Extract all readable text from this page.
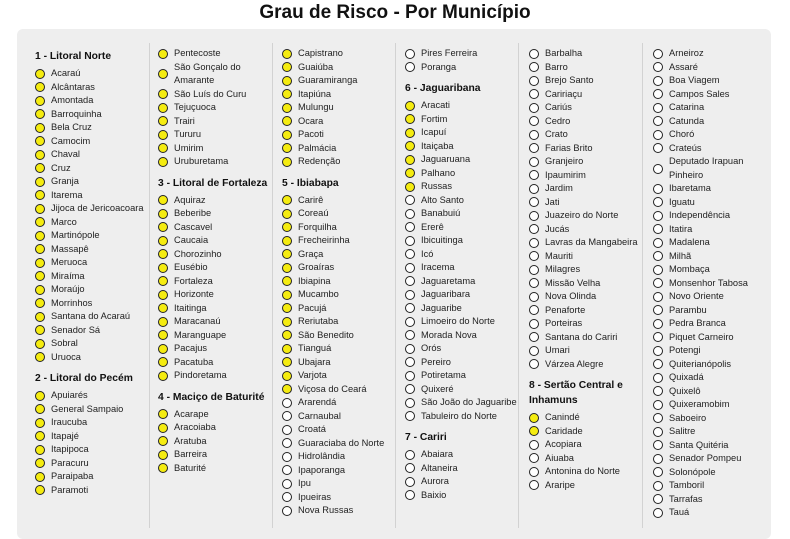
Grau de Risco - Por Município
1 - Litoral Norte
Acaraú
Alcântaras
Amontada
Barroquinha
Bela Cruz
Camocim
Chaval
Cruz
Granja
Itarema
Jijoca de Jericoacoara
Marco
Martinópole
Massapê
Meruoca
Miraíma
Moraújo
Morrinhos
Santana do Acaraú
Senador Sá
Sobral
Uruoca
2 - Litoral do Pecém
Apuiarés
General Sampaio
Iraucuba
Itapajé
Itapipoca
Paracuru
Paraipaba
Paramoti
Pentecoste
São Gonçalo do Amarante
São Luís do Curu
Tejuçuoca
Trairi
Tururu
Umirim
Uruburetama
3 - Litoral de Fortaleza
Aquiraz
Beberibe
Cascavel
Caucaia
Chorozinho
Eusébio
Fortaleza
Horizonte
Itaitinga
Maracanaú
Maranguape
Pacajus
Pacatuba
Pindoretama
4 - Maciço de Baturité
Acarape
Aracoiaba
Aratuba
Barreira
Baturité
Capistrano
Guaiúba
Guaramiranga
Itapiúna
Mulungu
Ocara
Pacoti
Palmácia
Redenção
5 - Ibiabapa
Carirê
Coreaú
Forquilha
Frecheirinha
Graça
Groaíras
Ibiapina
Mucambo
Pacujá
Reriutaba
São Benedito
Tianguá
Ubajara
Varjota
Viçosa do Ceará
Ararendá
Carnaubal
Croatá
Guaraciaba do Norte
Hidrolândia
Ipaporanga
Ipu
Ipueiras
Nova Russas
Pires Ferreira
Poranga
6 - Jaguaribana
Aracati
Fortim
Icapuí
Itaiçaba
Jaguaruana
Palhano
Russas
Alto Santo
Banabuiú
Ererê
Ibicuitinga
Icó
Iracema
Jaguaretama
Jaguaribara
Jaguaribe
Limoeiro do Norte
Morada Nova
Orós
Pereiro
Potiretama
Quixeré
São João do Jaguaribe
Tabuleiro do Norte
7 - Cariri
Abaiara
Altaneira
Aurora
Baixio
Barbalha
Barro
Brejo Santo
Caririaçu
Cariús
Cedro
Crato
Farias Brito
Granjeiro
Ipaumirim
Jardim
Jati
Juazeiro do Norte
Jucás
Lavras da Mangabeira
Mauriti
Milagres
Missão Velha
Nova Olinda
Penaforte
Porteiras
Santana do Cariri
Umari
Várzea Alegre
8 - Sertão Central e Inhamuns
Canindé
Caridade
Acopiara
Aiuaba
Antonina do Norte
Araripe
Arneiroz
Assaré
Boa Viagem
Campos Sales
Catarina
Catunda
Choró
Crateús
Deputado Irapuan Pinheiro
Ibaretama
Iguatu
Independência
Itatira
Madalena
Milhã
Mombaça
Monsenhor Tabosa
Novo Oriente
Parambu
Pedra Branca
Piquet Carneiro
Potengi
Quiterianópolis
Quixadá
Quixelô
Quixeramobim
Saboeiro
Salitre
Santa Quitéria
Senador Pompeu
Solonópole
Tamboril
Tarrafas
Tauá
